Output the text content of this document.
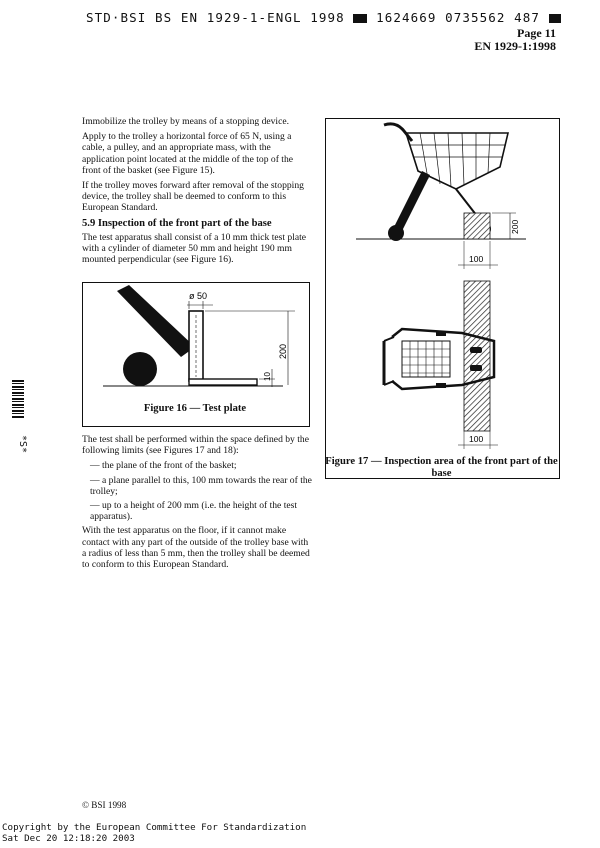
STD·BSI BS EN 1929-1-ENGL 1998	1624669 0735562 487
Page 11
EN 1929-1:1998

Immobilize the trolley by means of a stopping device.

Apply to the trolley a horizontal force of 65 N, using a cable, a pulley, and an appropriate mass, with the application point located at the middle of the top of the front of the basket (see Figure 15).

If the trolley moves forward after removal of the stopping device, the trolley shall be deemed to conform to this European Standard.

5.9 Inspection of the front part of the base

The test apparatus shall consist of a 10 mm thick test plate with a cylinder of diameter 50 mm and height 190 mm mounted perpendicular (see Figure 16).

ø 50
200
10
Figure 16 — Test plate

The test shall be performed within the space defined by the following limits (see Figures 17 and 18):

— the plane of the front of the basket;

— a plane parallel to this, 100 mm towards the rear of the trolley;

— up to a height of 200 mm (i.e. the height of the test apparatus).

With the test apparatus on the floor, if it cannot make contact with any part of the outside of the trolley base with a radius of less than 5 mm, then the trolley shall be deemed to conform to this European Standard.

200
100
100
Figure 17 — Inspection area of the front part of the base
*S*
© BSI 1998
Copyright by the European Committee For Standardization
Sat Dec 20 12:18:20 2003
